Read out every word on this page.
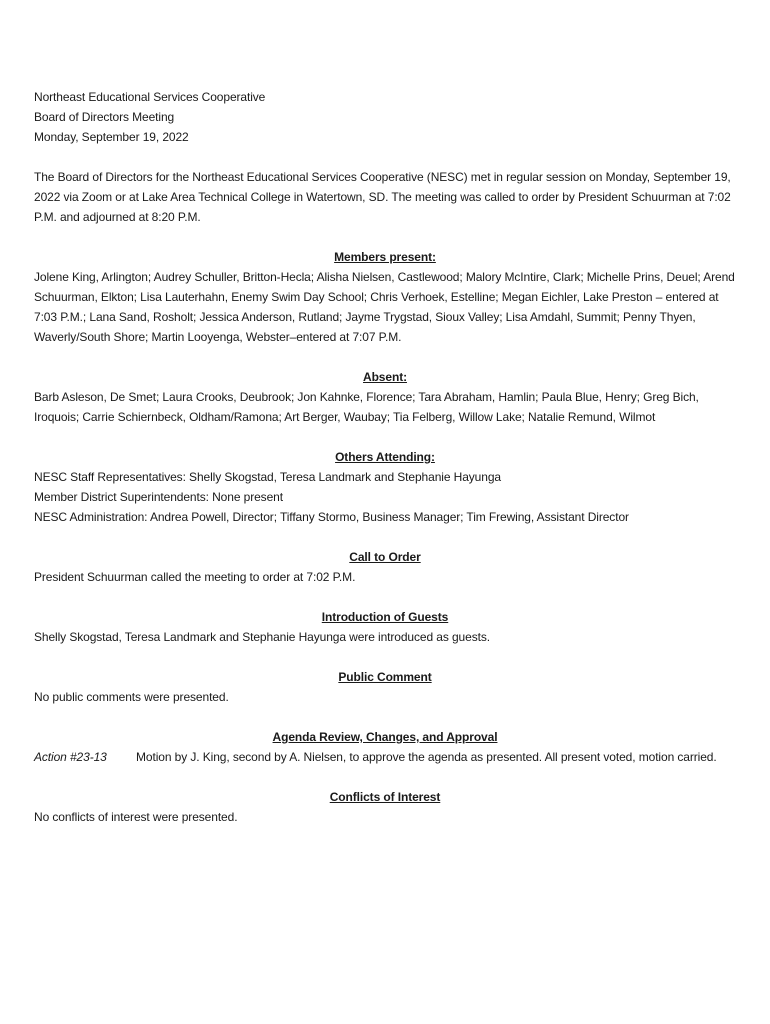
Northeast Educational Services Cooperative

Board of Directors Meeting

Monday, September 19, 2022

The Board of Directors for the Northeast Educational Services Cooperative (NESC) met in regular session on Monday, September 19, 2022 via Zoom or at Lake Area Technical College in Watertown, SD. The meeting was called to order by President Schuurman at 7:02 P.M. and adjourned at 8:20 P.M.

Members present:

Jolene King, Arlington; Audrey Schuller, Britton-Hecla; Alisha Nielsen, Castlewood; Malory McIntire, Clark; Michelle Prins, Deuel; Arend Schuurman, Elkton; Lisa Lauterhahn, Enemy Swim Day School; Chris Verhoek, Estelline; Megan Eichler, Lake Preston – entered at 7:03 P.M.; Lana Sand, Rosholt; Jessica Anderson, Rutland; Jayme Trygstad, Sioux Valley; Lisa Amdahl, Summit; Penny Thyen, Waverly/South Shore; Martin Looyenga, Webster–entered at 7:07 P.M.

Absent:

Barb Asleson, De Smet; Laura Crooks, Deubrook; Jon Kahnke, Florence; Tara Abraham, Hamlin; Paula Blue, Henry; Greg Bich, Iroquois; Carrie Schiernbeck, Oldham/Ramona; Art Berger, Waubay; Tia Felberg, Willow Lake; Natalie Remund, Wilmot

Others Attending:

NESC Staff Representatives: Shelly Skogstad, Teresa Landmark and Stephanie Hayunga

Member District Superintendents: None present

NESC Administration: Andrea Powell, Director; Tiffany Stormo, Business Manager; Tim Frewing, Assistant Director

Call to Order

President Schuurman called the meeting to order at 7:02 P.M.

Introduction of Guests

Shelly Skogstad, Teresa Landmark and Stephanie Hayunga were introduced as guests.

Public Comment

No public comments were presented.

Agenda Review, Changes, and Approval

Action #23-13	Motion by J. King, second by A. Nielsen, to approve the agenda as presented. All present voted, motion carried.

Conflicts of Interest

No conflicts of interest were presented.
